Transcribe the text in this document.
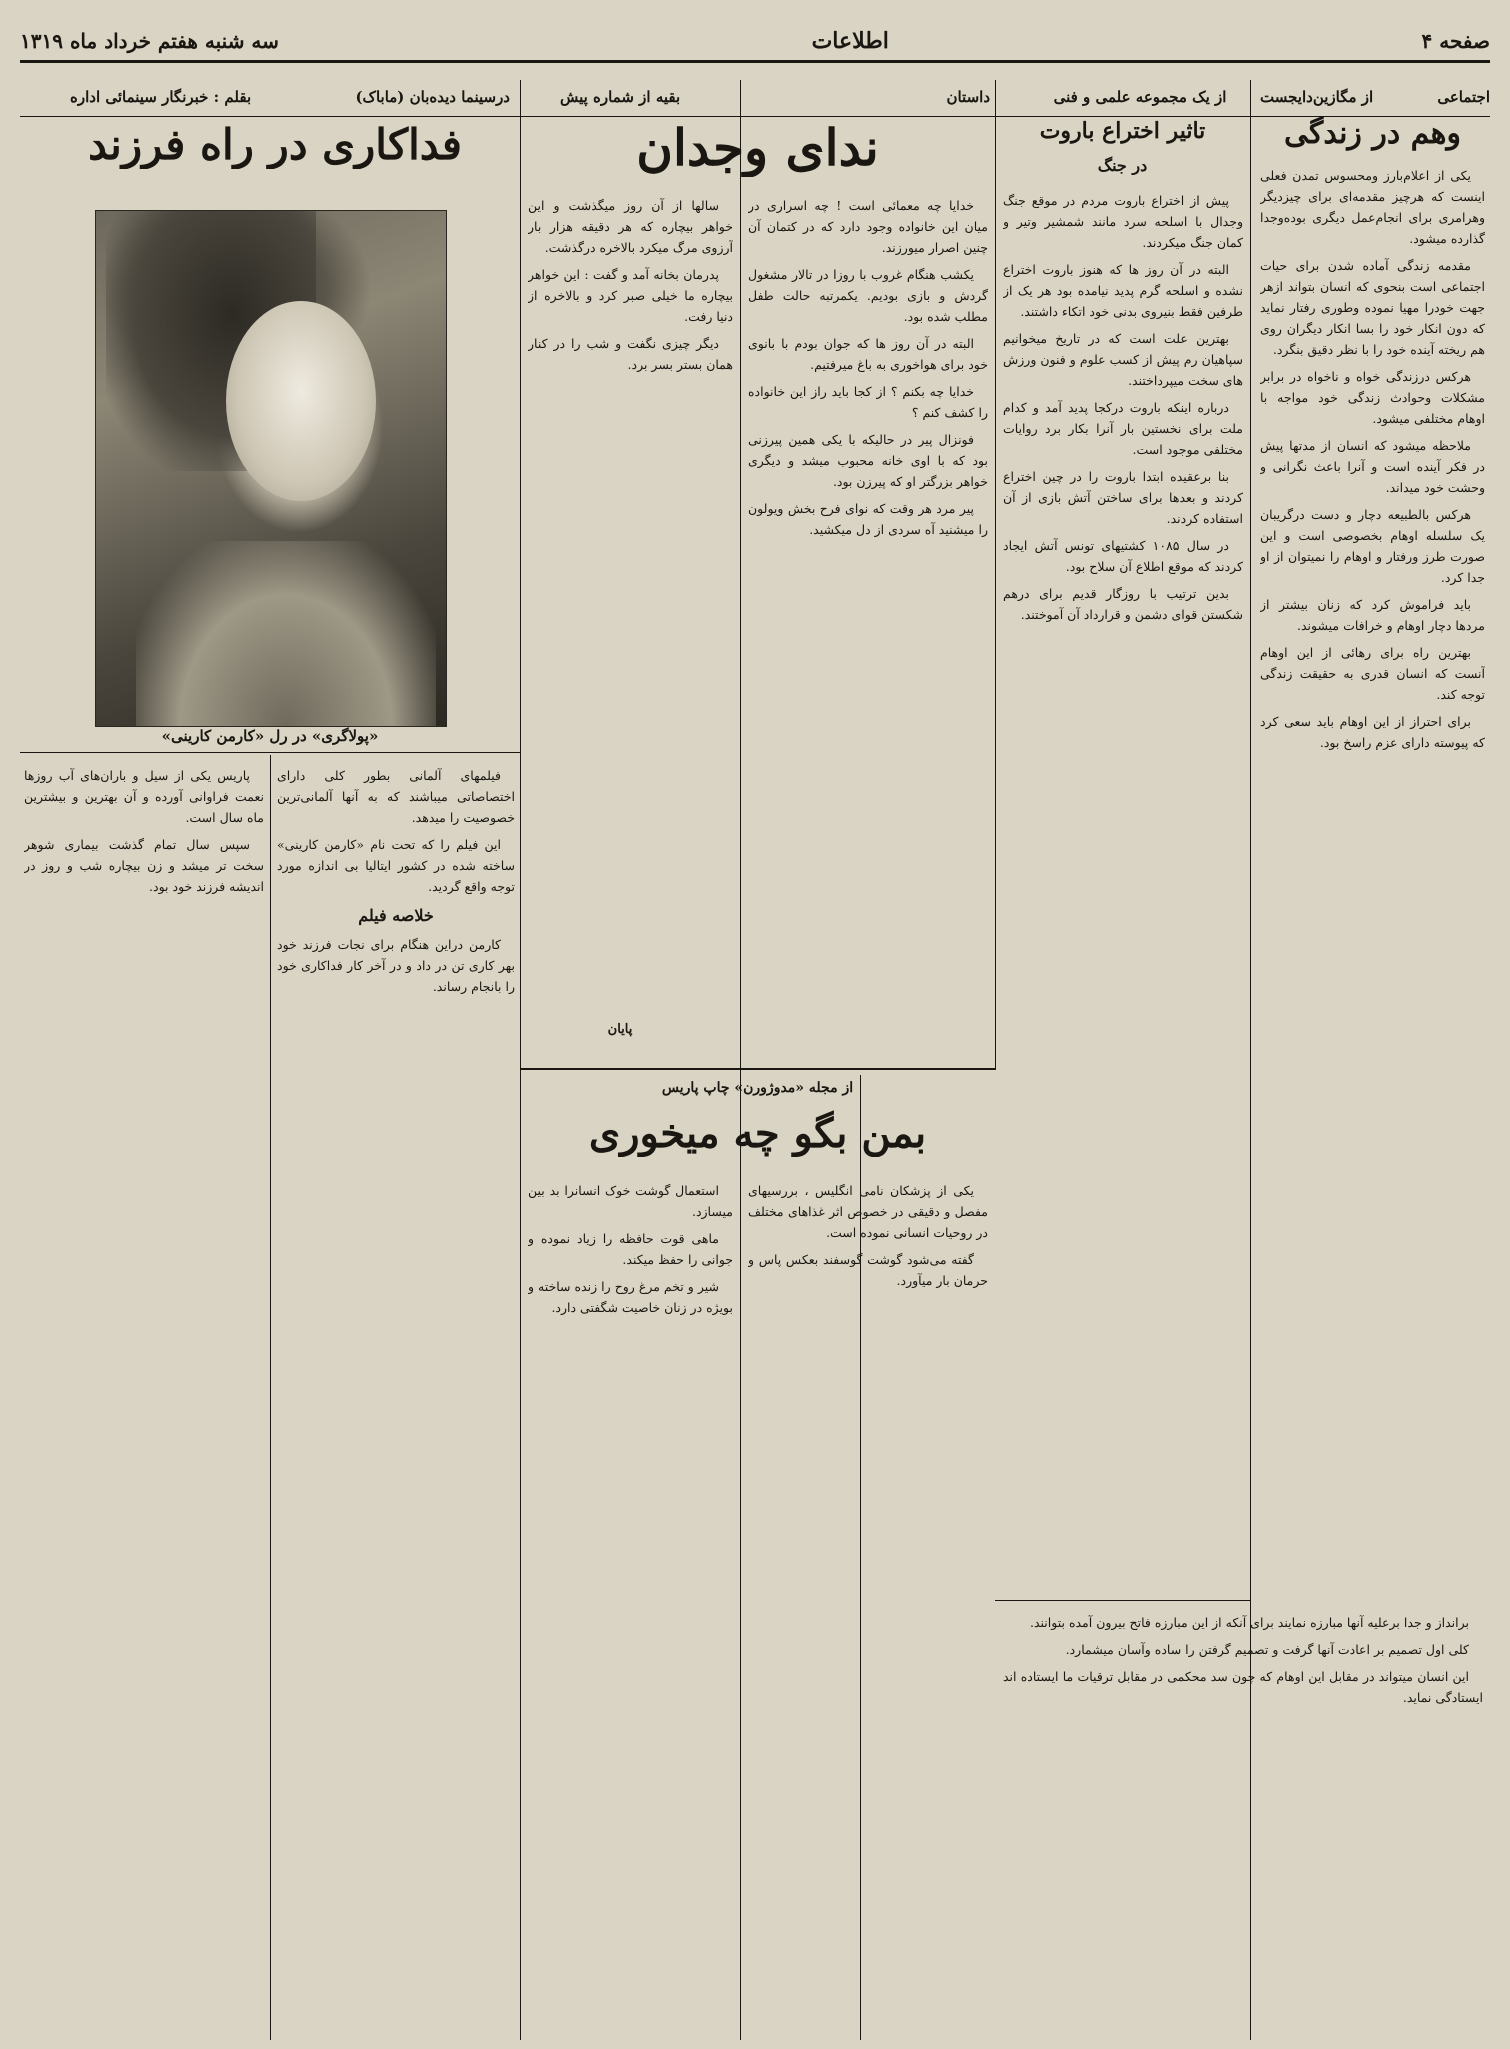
صفحه ۴
اطلاعات
سه شنبه هفتم خرداد ماه ۱۳۱۹
اجتماعی
از مگازین‌دایجست
از یک مجموعه علمی و فنی
داستان
بقیه از شماره پیش
درسینما دیده‌بان (ماباک)
بقلم : خبرنگار سینمائی اداره
وهم در زندگی
تاثیر اختراع باروت
در جنگ
ندای وجدان
فداکاری در راه فرزند

یکی از اعلام‌بارز ومحسوس تمدن فعلی اینست که هرچیز مقدمه‌ای برای چیزدیگر وهرامری برای انجام‌عمل دیگری بوده‌وجدا گذارده میشود.

مقدمه زندگی آماده شدن برای حیات اجتماعی است بنحوی که انسان بتواند ازهر جهت خودرا مهیا نموده وطوری رفتار نماید که دون انکار خود را بسا انکار دیگران روی هم ریخته آینده خود را با نظر دقیق بنگرد.

هرکس درزندگی خواه و ناخواه در برابر مشکلات وحوادث زندگی خود مواجه با اوهام مختلفی میشود.

ملاحظه میشود که انسان از مدتها پیش در فکر آینده است و آنرا باعث نگرانی و وحشت خود میداند.

هرکس بالطبیعه دچار و دست درگریبان یک سلسله اوهام بخصوصی است و این صورت طرز ورفتار و اوهام را نمیتوان از او جدا کرد.

باید فراموش کرد که زنان بیشتر از مردها دچار اوهام و خرافات میشوند.

بهترین راه برای رهائی از این اوهام آنست که انسان قدری به حقیقت زندگی توجه کند.

برای احتراز از این اوهام باید سعی کرد که پیوسته دارای عزم راسخ بود.

پیش از اختراع باروت مردم در موقع جنگ وجدال با اسلحه سرد مانند شمشیر وتیر و کمان جنگ میکردند.

البته در آن روز ها که هنوز باروت اختراع نشده و اسلحه گرم پدید نیامده بود هر یک از طرفین فقط بنیروی بدنی خود اتکاء داشتند.

بهترین علت است که در تاریخ میخوانیم سپاهیان رم پیش از کسب علوم و فنون ورزش های سخت میپرداختند.

درباره اینکه باروت درکجا پدید آمد و کدام ملت برای نخستین بار آنرا بکار برد روایات مختلفی موجود است.

بنا برعقیده ابتدا باروت را در چین اختراع کردند و بعدها برای ساختن آتش بازی از آن استفاده کردند.

در سال ۱۰۸۵ کشتیهای تونس آتش ایجاد کردند که موقع اطلاع آن سلاح بود.

بدین ترتیب با روزگار قدیم برای درهم شکستن قوای دشمن و قرارداد آن آموختند.

خدایا چه معمائی است ! چه اسراری در میان این خانواده وجود دارد که در کتمان آن چنین اصرار میورزند.

یکشب هنگام غروب با روزا در تالار مشغول گردش و بازی بودیم. یکمرتبه حالت طفل مطلب شده بود.

البته در آن روز ها که جوان بودم با بانوی خود برای هواخوری به باغ میرفتیم.

خدایا چه بکنم ؟ از کجا باید راز این خانواده را کشف کنم ؟

فونزال پیر در حالیکه با یکی همین پیرزنی بود که با اوی خانه محبوب میشد و دیگری خواهر بزرگتر او که پیرزن بود.

پیر مرد هر وقت که نوای فرح بخش ویولون را میشنید آه سردی از دل میکشید.

سالها از آن روز میگذشت و این خواهر بیچاره که هر دقیقه هزار بار آرزوی مرگ میکرد بالاخره درگذشت.

پدرمان بخانه آمد و گفت : این خواهر بیچاره ما خیلی صبر کرد و بالاخره از دنیا رفت.

دیگر چیزی نگفت و شب را در کنار همان بستر بسر برد.

پایان
«پولاگری» در رل «کارمن کارینی»

فیلمهای آلمانی بطور کلی دارای اختصاصاتی میباشند که به آنها آلمانی‌ترین خصوصیت را میدهد.

این فیلم را که تحت نام «کارمن کارینی» ساخته شده در کشور ایتالیا بی اندازه مورد توجه واقع گردید.

خلاصه فیلم

کارمن دراین هنگام برای نجات فرزند خود بهر کاری تن در داد و در آخر کار فداکاری خود را بانجام رساند.

پاریس یکی از سیل و باران‌های آب روزها نعمت فراوانی آورده و آن بهترین و بیشترین ماه سال است.

سپس سال تمام گذشت بیماری شوهر سخت تر میشد و زن بیچاره شب و روز در اندیشه فرزند خود بود.

از مجله «مدوژورن» چاپ پاریس
بمن بگو چه میخوری

یکی از پزشکان نامی انگلیس ، بررسیهای مفصل و دقیقی در خصوص اثر غذاهای مختلف در روحیات انسانی نموده است.

گفته می‌شود گوشت گوسفند بعکس پاس و حرمان بار میآورد.

استعمال گوشت خوک انسانرا بد بین میسازد.

ماهی قوت حافظه را زیاد نموده و جوانی را حفظ میکند.

شیر و تخم مرغ روح را زنده ساخته و بویژه در زنان خاصیت شگفتی دارد.

برانداز و جدا برعلیه آنها مبارزه نمایند برای آنکه از این مبارزه فاتح بیرون آمده بتوانند.

کلی اول تصمیم بر اعادت آنها گرفت و تصمیم گرفتن را ساده وآسان میشمارد.

این انسان میتواند در مقابل این اوهام که چون سد محکمی در مقابل ترقیات ما ایستاده اند ایستادگی نماید.
